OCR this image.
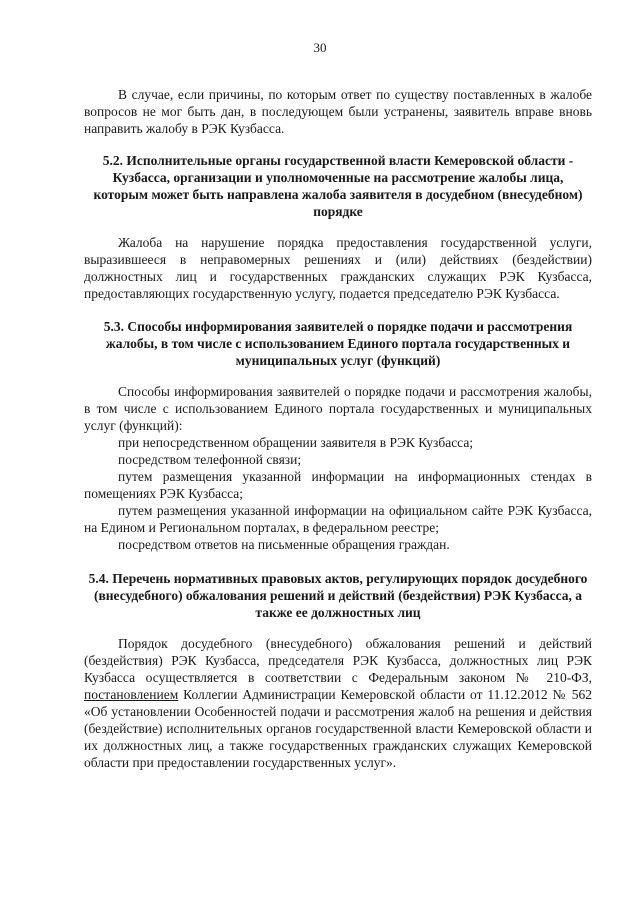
30

В случае, если причины, по которым ответ по существу поставленных в жалобе вопросов не мог быть дан, в последующем были устранены, заявитель вправе вновь направить жалобу в РЭК Кузбасса.

5.2. Исполнительные органы государственной власти Кемеровской области - Кузбасса, организации и уполномоченные на рассмотрение жалобы лица, которым может быть направлена жалоба заявителя в досудебном (внесудебном) порядке

Жалоба на нарушение порядка предоставления государственной услуги, выразившееся в неправомерных решениях и (или) действиях (бездействии) должностных лиц и государственных гражданских служащих РЭК Кузбасса, предоставляющих государственную услугу, подается председателю РЭК Кузбасса.

5.3. Способы информирования заявителей о порядке подачи и рассмотрения жалобы, в том числе с использованием Единого портала государственных и муниципальных услуг (функций)

Способы информирования заявителей о порядке подачи и рассмотрения жалобы, в том числе с использованием Единого портала государственных и муниципальных услуг (функций):

при непосредственном обращении заявителя в РЭК Кузбасса;

посредством телефонной связи;

путем размещения указанной информации на информационных стендах в помещениях РЭК Кузбасса;

путем размещения указанной информации на официальном сайте РЭК Кузбасса, на Едином и Региональном порталах, в федеральном реестре;

посредством ответов на письменные обращения граждан.

5.4. Перечень нормативных правовых актов, регулирующих порядок досудебного (внесудебного) обжалования решений и действий (бездействия) РЭК Кузбасса, а также ее должностных лиц

Порядок досудебного (внесудебного) обжалования решений и действий (бездействия) РЭК Кузбасса, председателя РЭК Кузбасса, должностных лиц РЭК Кузбасса осуществляется в соответствии с Федеральным законом № 210-ФЗ, постановлением Коллегии Администрации Кемеровской области от 11.12.2012 № 562 «Об установлении Особенностей подачи и рассмотрения жалоб на решения и действия (бездействие) исполнительных органов государственной власти Кемеровской области и их должностных лиц, а также государственных гражданских служащих Кемеровской области при предоставлении государственных услуг».
